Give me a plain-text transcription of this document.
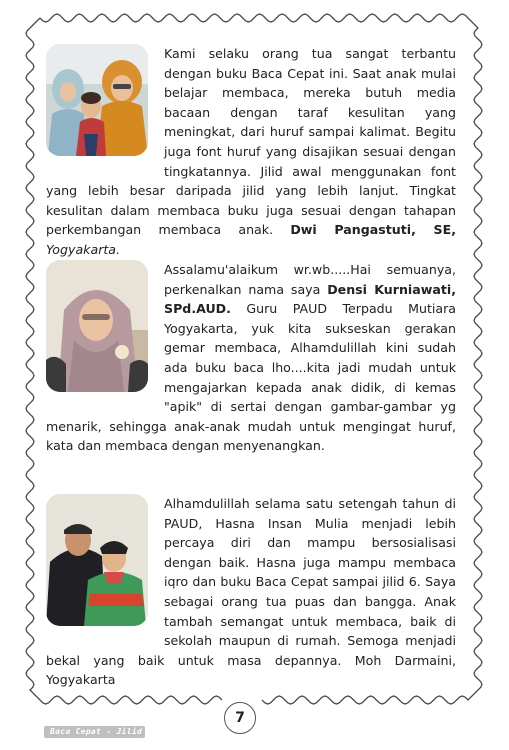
Kami selaku orang tua sangat terbantu dengan buku Baca Cepat ini. Saat anak mulai belajar membaca, mereka butuh media bacaan dengan taraf kesulitan yang meningkat, dari huruf sampai kalimat. Begitu juga font huruf yang disajikan sesuai dengan tingkatannya. Jilid awal menggunakan font yang lebih besar daripada jilid yang lebih lanjut. Tingkat kesulitan dalam membaca buku juga sesuai dengan tahapan perkembangan membaca anak. Dwi Pangastuti, SE, Yogyakarta.

Assalamu'alaikum wr.wb.....Hai semuanya, perkenalkan nama saya Densi Kurniawati, SPd.AUD. Guru PAUD Terpadu Mutiara Yogyakarta, yuk kita sukseskan gerakan gemar membaca, Alhamdulillah kini sudah ada buku baca lho....kita jadi mudah untuk mengajarkan kepada anak didik, di kemas "apik" di sertai dengan gambar-gambar yg menarik, sehingga anak-anak mudah untuk mengingat huruf, kata dan membaca dengan menyenangkan.

Alhamdulillah selama satu setengah tahun di PAUD, Hasna Insan Mulia menjadi lebih percaya diri dan mampu bersosialisasi dengan baik. Hasna juga mampu membaca iqro dan buku Baca Cepat sampai jilid 6. Saya sebagai orang tua puas dan bangga. Anak tambah semangat untuk membaca, baik di sekolah maupun di rumah. Semoga menjadi bekal yang baik untuk masa depannya. Moh Darmaini, Yogyakarta

Baca Cepat - Jilid 1
7
